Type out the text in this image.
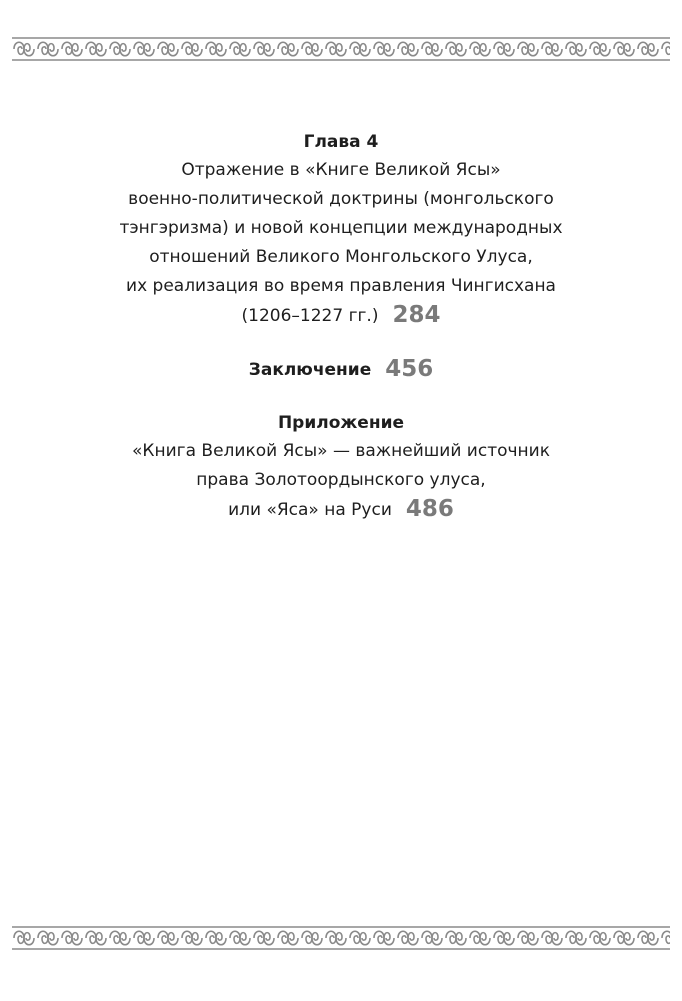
Глава 4
Отражение в «Книге Великой Ясы»
военно-политической доктрины (монгольского
тэнгэризма) и новой концепции международных
отношений Великого Монгольского Улуса,
их реализация во время правления Чингисхана
(1206–1227 гг.) 284
Заключение 456
Приложение
«Книга Великой Ясы» — важнейший источник
права Золотоордынского улуса,
или «Яса» на Руси 486
